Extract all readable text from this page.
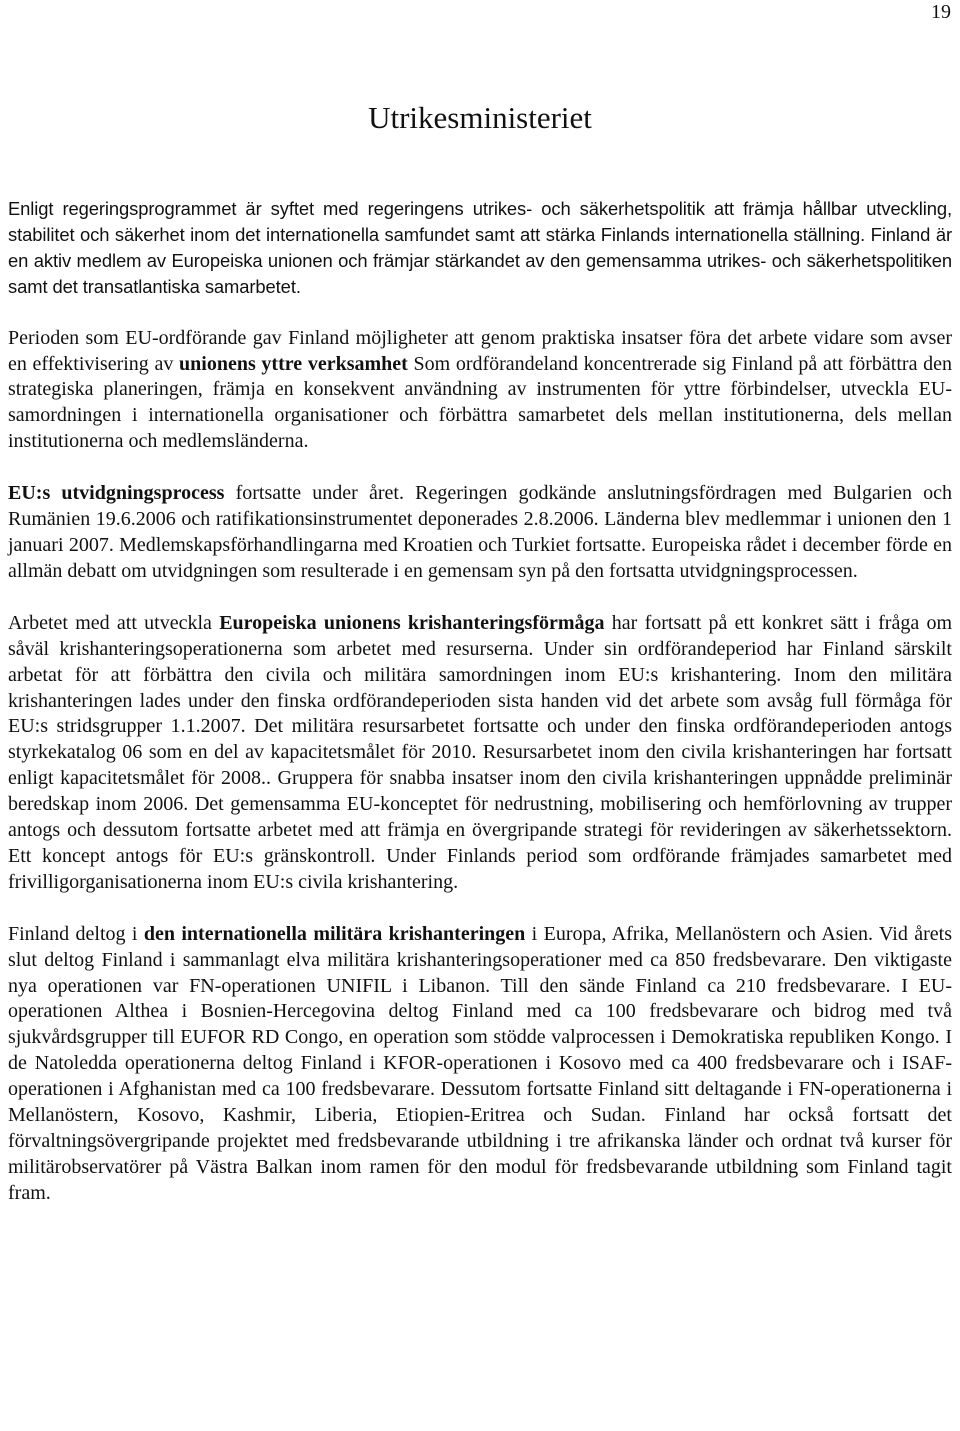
19
Utrikesministeriet

Enligt regeringsprogrammet är syftet med regeringens utrikes- och säkerhetspolitik att främja hållbar utveckling, stabilitet och säkerhet inom det internationella samfundet samt att stärka Finlands internationella ställning. Finland är en aktiv medlem av Europeiska unionen och främjar stärkandet av den gemensamma utrikes- och säkerhetspolitiken samt det transatlantiska samarbetet.

Perioden som EU-ordförande gav Finland möjligheter att genom praktiska insatser föra det arbete vidare som avser en effektivisering av unionens yttre verksamhet Som ordförandeland koncentrerade sig Finland på att förbättra den strategiska planeringen, främja en konsekvent användning av instrumenten för yttre förbindelser, utveckla EU-samordningen i internationella organisationer och förbättra samarbetet dels mellan institutionerna, dels mellan institutionerna och medlemsländerna.

EU:s utvidgningsprocess fortsatte under året. Regeringen godkände anslutningsfördragen med Bulgarien och Rumänien 19.6.2006 och ratifikationsinstrumentet deponerades 2.8.2006. Länderna blev medlemmar i unionen den 1 januari 2007. Medlemskapsförhandlingarna med Kroatien och Turkiet fortsatte. Europeiska rådet i december förde en allmän debatt om utvidgningen som resulterade i en gemensam syn på den fortsatta utvidgningsprocessen.

Arbetet med att utveckla Europeiska unionens krishanteringsförmåga har fortsatt på ett konkret sätt i fråga om såväl krishanteringsoperationerna som arbetet med resurserna. Under sin ordförandeperiod har Finland särskilt arbetat för att förbättra den civila och militära samordningen inom EU:s krishantering. Inom den militära krishanteringen lades under den finska ordförandeperioden sista handen vid det arbete som avsåg full förmåga för EU:s stridsgrupper 1.1.2007. Det militära resursarbetet fortsatte och under den finska ordförandeperioden antogs styrkekatalog 06 som en del av kapacitetsmålet för 2010. Resursarbetet inom den civila krishanteringen har fortsatt enligt kapacitetsmålet för 2008.. Gruppera för snabba insatser inom den civila krishanteringen uppnådde preliminär beredskap inom 2006. Det gemensamma EU-konceptet för nedrustning, mobilisering och hemförlovning av trupper antogs och dessutom fortsatte arbetet med att främja en övergripande strategi för revideringen av säkerhetssektorn. Ett koncept antogs för EU:s gränskontroll. Under Finlands period som ordförande främjades samarbetet med frivilligorganisationerna inom EU:s civila krishantering.

Finland deltog i den internationella militära krishanteringen i Europa, Afrika, Mellanöstern och Asien. Vid årets slut deltog Finland i sammanlagt elva militära krishanteringsoperationer med ca 850 fredsbevarare. Den viktigaste nya operationen var FN-operationen UNIFIL i Libanon. Till den sände Finland ca 210 fredsbevarare. I EU-operationen Althea i Bosnien-Hercegovina deltog Finland med ca 100 fredsbevarare och bidrog med två sjukvårdsgrupper till EUFOR RD Congo, en operation som stödde valprocessen i Demokratiska republiken Kongo. I de Natoledda operationerna deltog Finland i KFOR-operationen i Kosovo med ca 400 fredsbevarare och i ISAF-operationen i Afghanistan med ca 100 fredsbevarare. Dessutom fortsatte Finland sitt deltagande i FN-operationerna i Mellanöstern, Kosovo, Kashmir, Liberia, Etiopien-Eritrea och Sudan. Finland har också fortsatt det förvaltningsövergripande projektet med fredsbevarande utbildning i tre afrikanska länder och ordnat två kurser för militärobservatörer på Västra Balkan inom ramen för den modul för fredsbevarande utbildning som Finland tagit fram.
